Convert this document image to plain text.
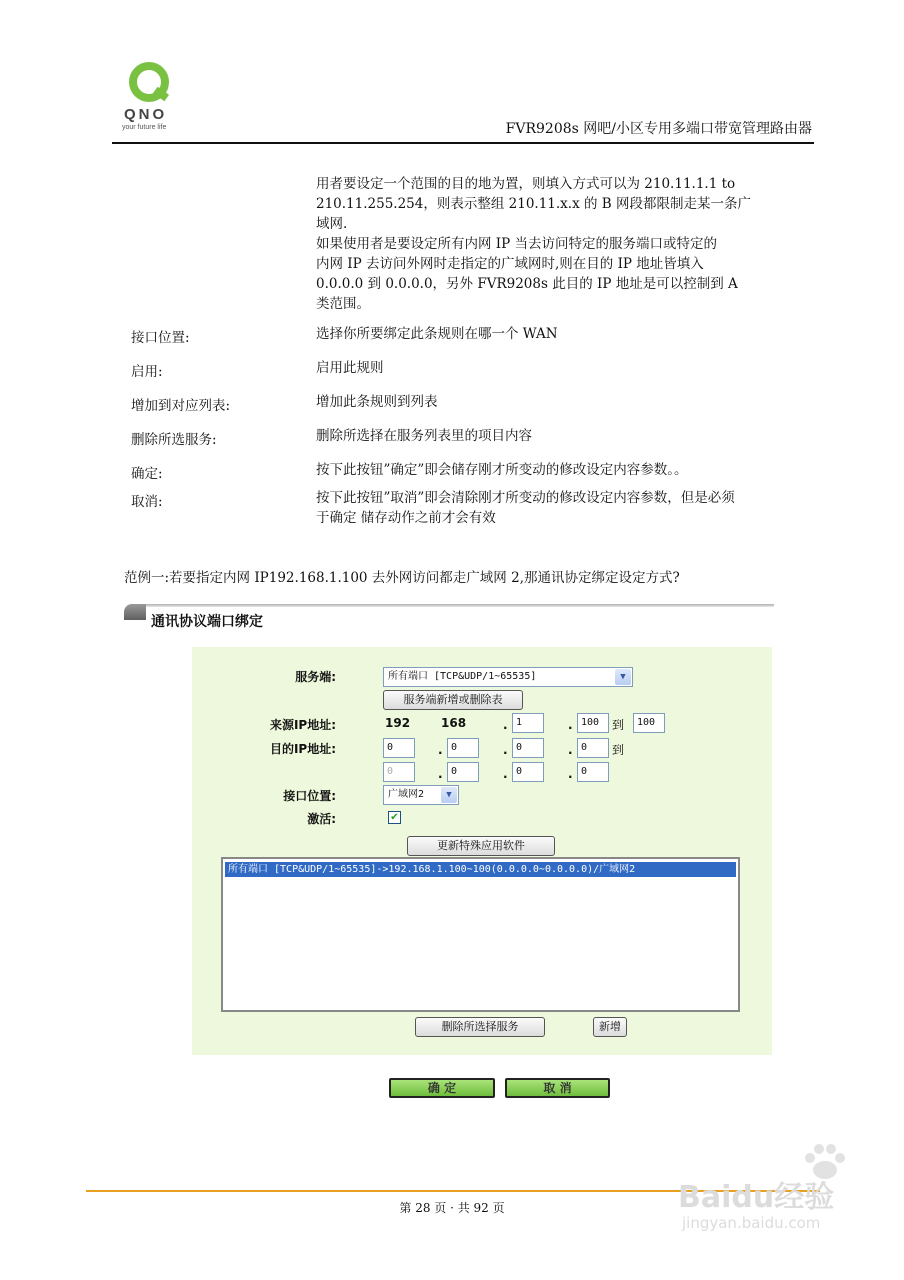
QNO
your future life	FVR9208s 网吧/小区专用多端口带宽管理路由器
用者要设定一个范围的目的地为置，则填入方式可以为 210.11.1.1 to
210.11.255.254，则表示整组 210.11.x.x 的 B 网段都限制走某一条广
域网.
如果使用者是要设定所有内网 IP 当去访问特定的服务端口或特定的
内网 IP 去访问外网时走指定的广域网时,则在目的 IP 地址皆填入
0.0.0.0 到 0.0.0.0，另外 FVR9208s 此目的 IP 地址是可以控制到 A
类范围。
接口位置:	选择你所要绑定此条规则在哪一个 WAN
启用:	启用此规则
增加到对应列表:	增加此条规则到列表
删除所选服务:	删除所选择在服务列表里的项目内容
确定:	按下此按钮”确定”即会储存刚才所变动的修改设定内容参数。。
取消:	按下此按钮”取消”即会清除刚才所变动的修改设定内容参数，但是必须
于确定 储存动作之前才会有效
范例一:若要指定内网 IP192.168.1.100 去外网访问都走广域网 2,那通讯协定绑定设定方式?
通讯协议端口绑定
服务端:	所有端口 [TCP&UDP/1~65535]	▼
服务端新增或删除表
来源IP地址:	192	168	. 1	. 100	到	100
目的IP地址:	0	. 0	. 0	. 0	到
0	. 0	. 0	. 0
接口位置:	广域网2	▼
激活:	✔
更新特殊应用软件
所有端口 [TCP&UDP/1~65535]->192.168.1.100~100(0.0.0.0~0.0.0.0)/广域网2
删除所选择服务	新增
确 定	取 消
第 28 页 · 共 92 页	Baidu经验
jingyan.baidu.com
